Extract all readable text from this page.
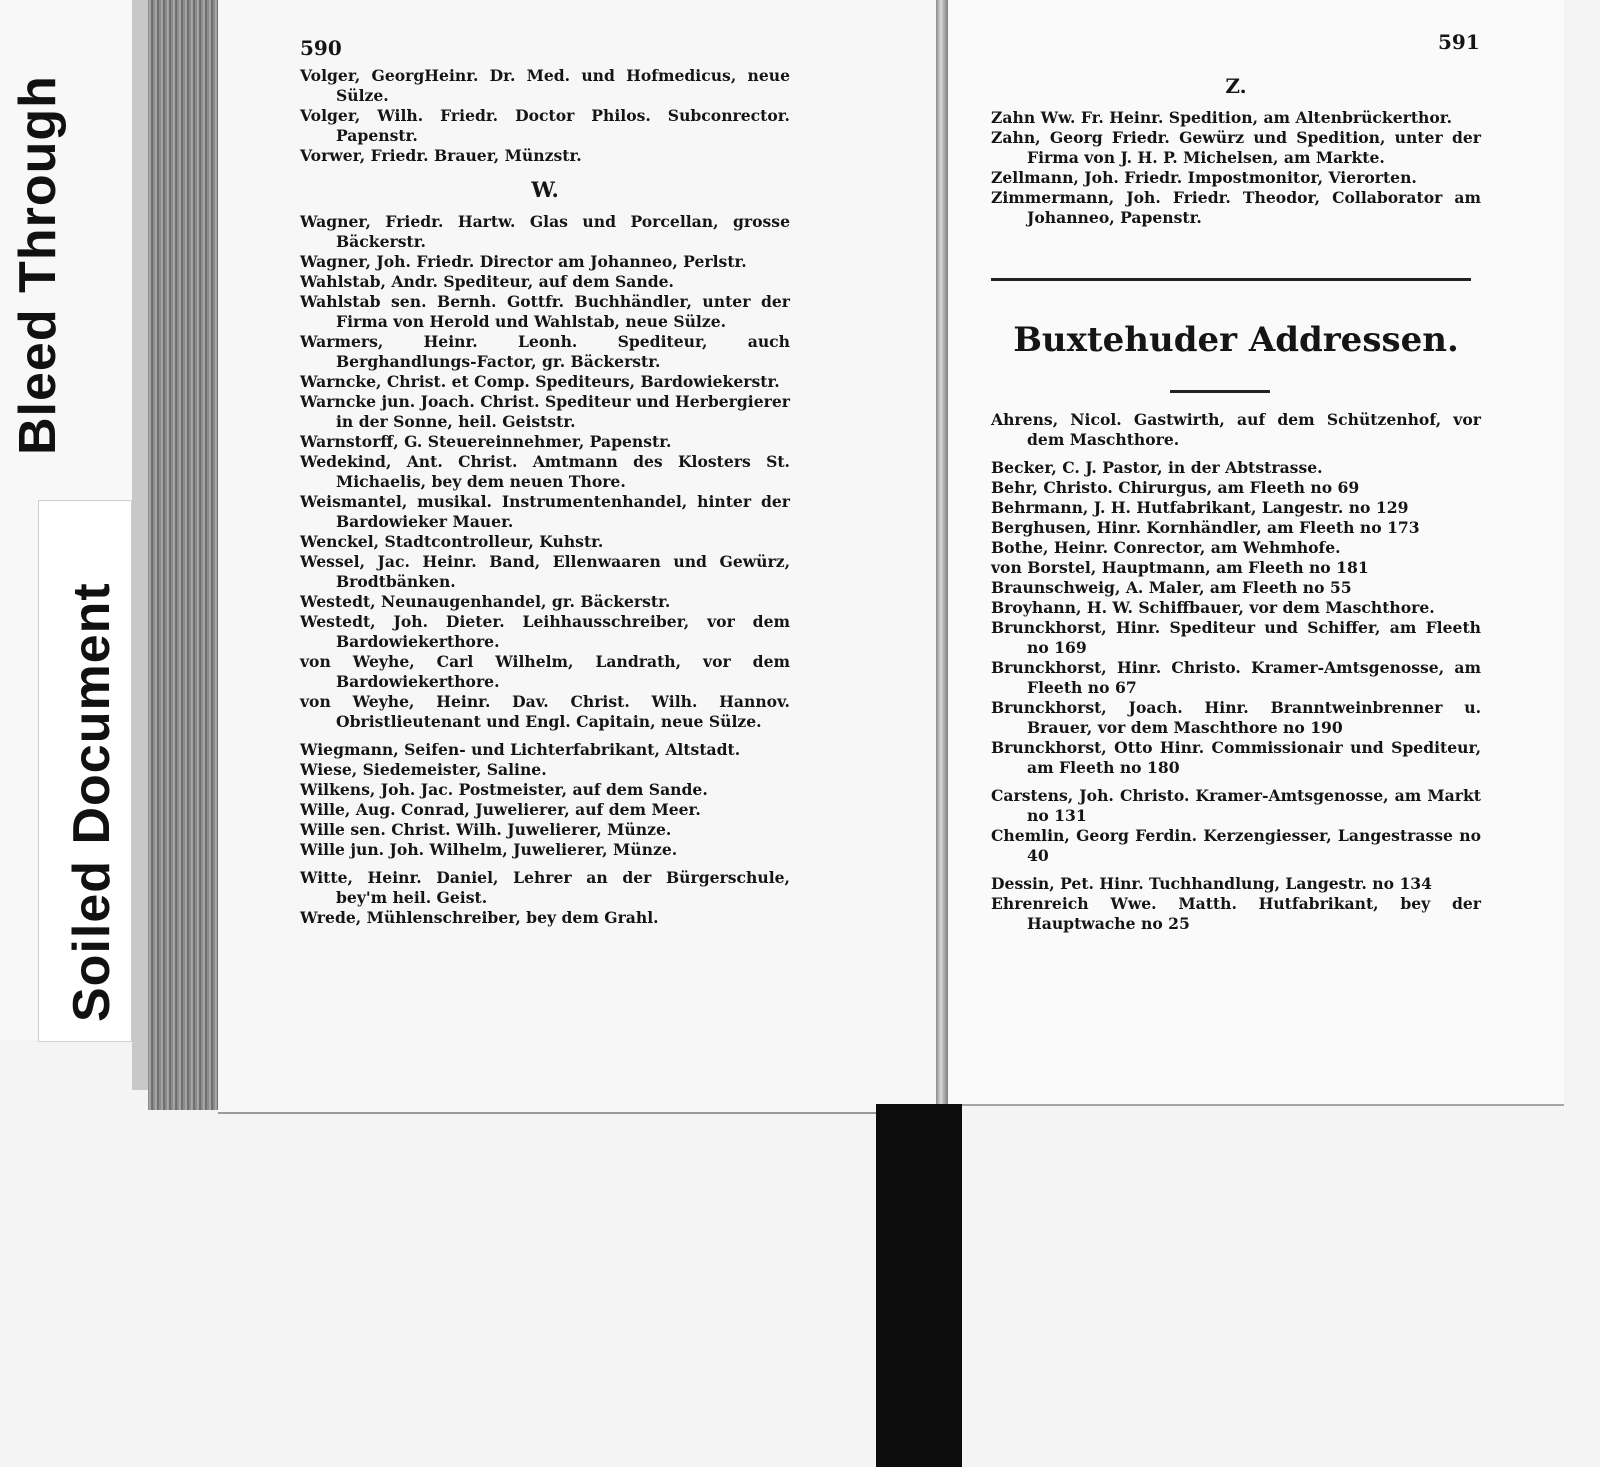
Bleed Through
Soiled Document
590
Volger, GeorgHeinr. Dr. Med. und Hofmedicus, neue Sülze.
Volger, Wilh. Friedr. Doctor Philos. Subconrector. Papenstr.
Vorwer, Friedr. Brauer, Münzstr.
W.
Wagner, Friedr. Hartw. Glas und Porcellan, grosse Bäckerstr.
Wagner, Joh. Friedr. Director am Johanneo, Perlstr.
Wahlstab, Andr. Spediteur, auf dem Sande.
Wahlstab sen. Bernh. Gottfr. Buchhändler, unter der Firma von Herold und Wahlstab, neue Sülze.
Warmers, Heinr. Leonh. Spediteur, auch Berghandlungs-Factor, gr. Bäckerstr.
Warncke, Christ. et Comp. Spediteurs, Bardowiekerstr.
Warncke jun. Joach. Christ. Spediteur und Herbergierer in der Sonne, heil. Geiststr.
Warnstorff, G. Steuereinnehmer, Papenstr.
Wedekind, Ant. Christ. Amtmann des Klosters St. Michaelis, bey dem neuen Thore.
Weismantel, musikal. Instrumentenhandel, hinter der Bardowieker Mauer.
Wenckel, Stadtcontrolleur, Kuhstr.
Wessel, Jac. Heinr. Band, Ellenwaaren und Gewürz, Brodtbänken.
Westedt, Neunaugenhandel, gr. Bäckerstr.
Westedt, Joh. Dieter. Leihhausschreiber, vor dem Bardowiekerthore.
von Weyhe, Carl Wilhelm, Landrath, vor dem Bardowiekerthore.
von Weyhe, Heinr. Dav. Christ. Wilh. Hannov. Obristlieutenant und Engl. Capitain, neue Sülze.
Wiegmann, Seifen- und Lichterfabrikant, Altstadt.
Wiese, Siedemeister, Saline.
Wilkens, Joh. Jac. Postmeister, auf dem Sande.
Wille, Aug. Conrad, Juwelierer, auf dem Meer.
Wille sen. Christ. Wilh. Juwelierer, Münze.
Wille jun. Joh. Wilhelm, Juwelierer, Münze.
Witte, Heinr. Daniel, Lehrer an der Bürgerschule, bey'm heil. Geist.
Wrede, Mühlenschreiber, bey dem Grahl.
591
Z.
Zahn Ww. Fr. Heinr. Spedition, am Altenbrückerthor.
Zahn, Georg Friedr. Gewürz und Spedition, unter der Firma von J. H. P. Michelsen, am Markte.
Zellmann, Joh. Friedr. Impostmonitor, Vierorten.
Zimmermann, Joh. Friedr. Theodor, Collaborator am Johanneo, Papenstr.
Buxtehuder Addressen.
Ahrens, Nicol. Gastwirth, auf dem Schützenhof, vor dem Maschthore.
Becker, C. J. Pastor, in der Abtstrasse.
Behr, Christo. Chirurgus, am Fleeth no 69
Behrmann, J. H. Hutfabrikant, Langestr. no 129
Berghusen, Hinr. Kornhändler, am Fleeth no 173
Bothe, Heinr. Conrector, am Wehmhofe.
von Borstel, Hauptmann, am Fleeth no 181
Braunschweig, A. Maler, am Fleeth no 55
Broyhann, H. W. Schiffbauer, vor dem Maschthore.
Brunckhorst, Hinr. Spediteur und Schiffer, am Fleeth no 169
Brunckhorst, Hinr. Christo. Kramer-Amtsgenosse, am Fleeth no 67
Brunckhorst, Joach. Hinr. Branntweinbrenner u. Brauer, vor dem Maschthore no 190
Brunckhorst, Otto Hinr. Commissionair und Spediteur, am Fleeth no 180
Carstens, Joh. Christo. Kramer-Amtsgenosse, am Markt no 131
Chemlin, Georg Ferdin. Kerzengiesser, Langestrasse no 40
Dessin, Pet. Hinr. Tuchhandlung, Langestr. no 134
Ehrenreich Wwe. Matth. Hutfabrikant, bey der Hauptwache no 25
